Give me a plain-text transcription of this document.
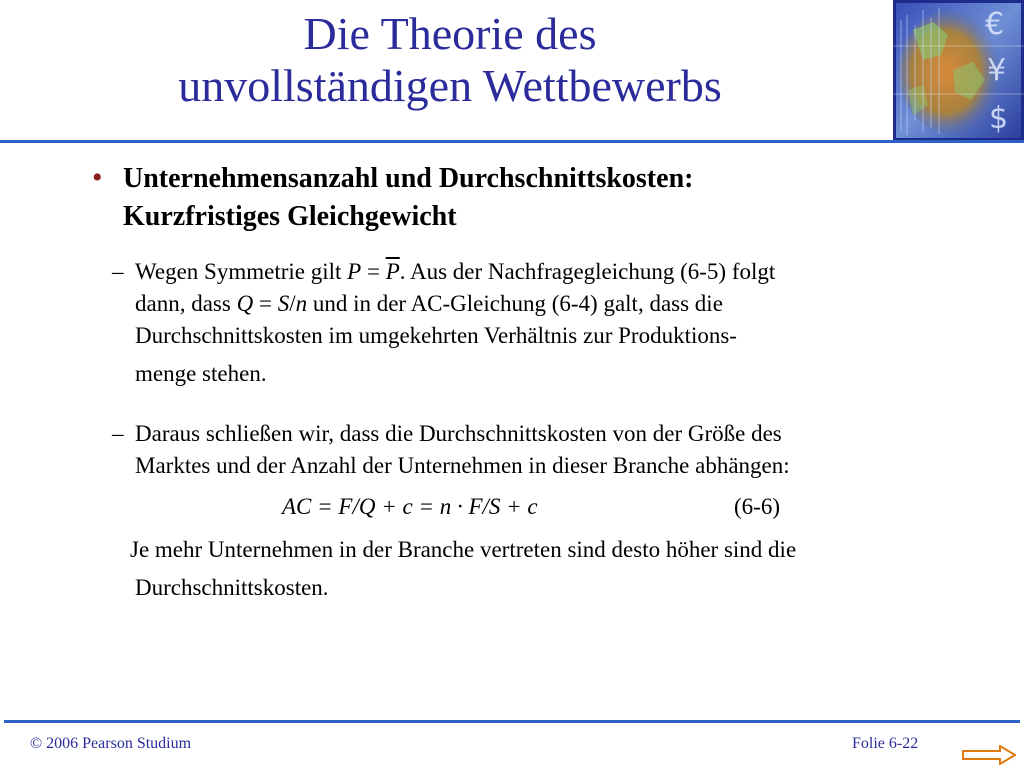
Die Theorie des
unvollständigen Wettbewerbs
€
¥
$
• Unternehmensanzahl und Durchschnittskosten:
Kurzfristiges Gleichgewicht
– Wegen Symmetrie gilt $P = \overline{P}$. Aus der Nachfragegleichung (6-5) folgt
dann, dass Q = S/n und in der AC-Gleichung (6-4) galt, dass die
Durchschnittskosten im umgekehrten Verhältnis zur Produktions-
menge stehen.
– Daraus schließen wir, dass die Durchschnittskosten von der Größe des
Marktes und der Anzahl der Unternehmen in dieser Branche abhängen:
AC = F/Q + c = n · F/S + c	(6-6)
Je mehr Unternehmen in der Branche vertreten sind desto höher sind die
Durchschnittskosten.
© 2006 Pearson Studium	Folie 6-22
